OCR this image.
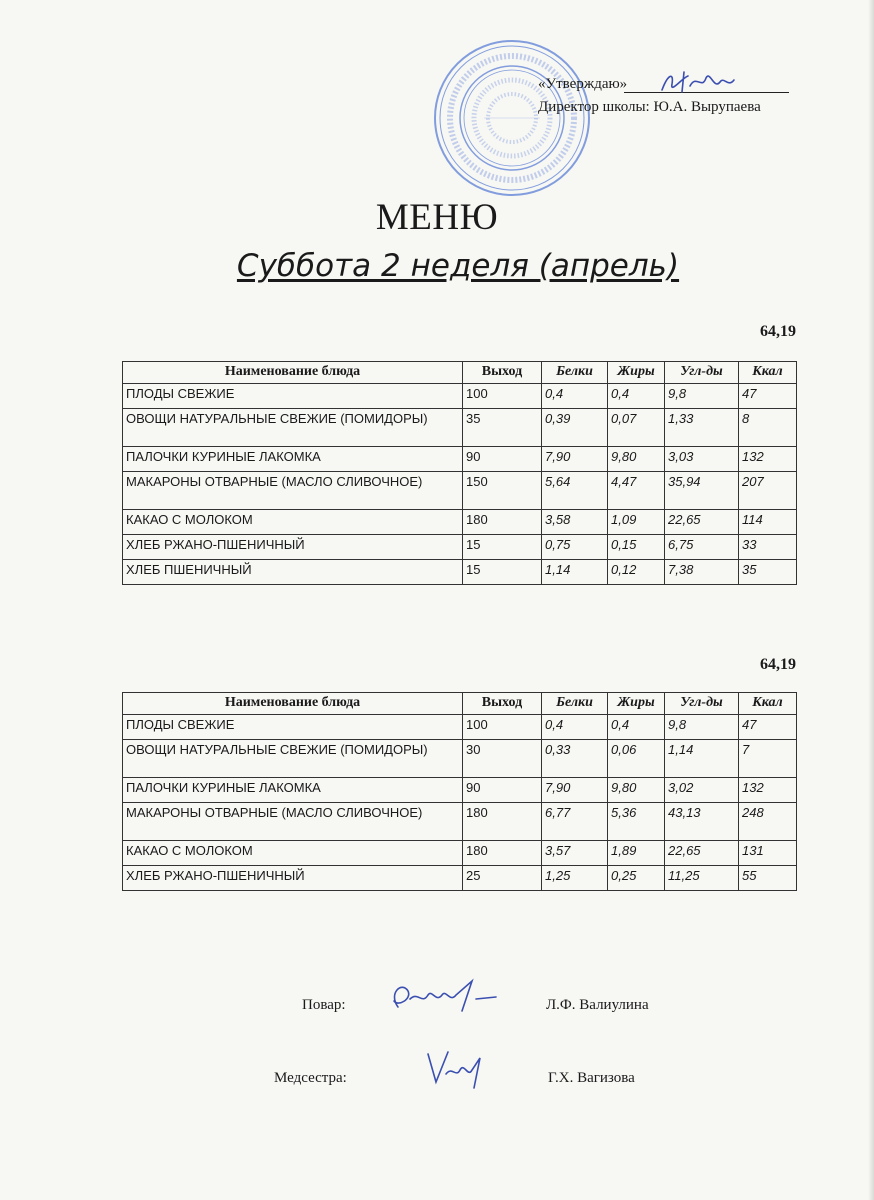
«Утверждаю»
Директор школы: Ю.А. Вырупаева
МЕНЮ
Суббота 2 неделя (апрель)
64,19
Наименование блюда	Выход	Белки	Жиры	Угл-ды	Ккал
ПЛОДЫ СВЕЖИЕ	100	0,4	0,4	9,8	47
ОВОЩИ НАТУРАЛЬНЫЕ СВЕЖИЕ (ПОМИДОРЫ)	35	0,39	0,07	1,33	8
ПАЛОЧКИ КУРИНЫЕ ЛАКОМКА	90	7,90	9,80	3,03	132
МАКАРОНЫ ОТВАРНЫЕ (МАСЛО СЛИВОЧНОЕ)	150	5,64	4,47	35,94	207
КАКАО С МОЛОКОМ	180	3,58	1,09	22,65	114
ХЛЕБ РЖАНО-ПШЕНИЧНЫЙ	15	0,75	0,15	6,75	33
ХЛЕБ ПШЕНИЧНЫЙ	15	1,14	0,12	7,38	35
64,19
Наименование блюда	Выход	Белки	Жиры	Угл-ды	Ккал
ПЛОДЫ СВЕЖИЕ	100	0,4	0,4	9,8	47
ОВОЩИ НАТУРАЛЬНЫЕ СВЕЖИЕ (ПОМИДОРЫ)	30	0,33	0,06	1,14	7
ПАЛОЧКИ КУРИНЫЕ ЛАКОМКА	90	7,90	9,80	3,02	132
МАКАРОНЫ ОТВАРНЫЕ (МАСЛО СЛИВОЧНОЕ)	180	6,77	5,36	43,13	248
КАКАО С МОЛОКОМ	180	3,57	1,89	22,65	131
ХЛЕБ РЖАНО-ПШЕНИЧНЫЙ	25	1,25	0,25	11,25	55
Повар:	Л.Ф. Валиулина
Медсестра:	Г.Х. Вагизова
